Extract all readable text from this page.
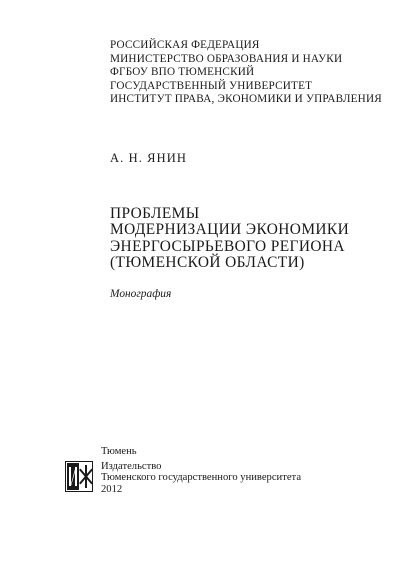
РОССИЙСКАЯ ФЕДЕРАЦИЯ
МИНИСТЕРСТВО ОБРАЗОВАНИЯ И НАУКИ
ФГБОУ ВПО ТЮМЕНСКИЙ
ГОСУДАРСТВЕННЫЙ УНИВЕРСИТЕТ
ИНСТИТУТ ПРАВА, ЭКОНОМИКИ И УПРАВЛЕНИЯ
А. Н. ЯНИН
ПРОБЛЕМЫ
МОДЕРНИЗАЦИИ ЭКОНОМИКИ
ЭНЕРГОСЫРЬЕВОГО РЕГИОНА
(ТЮМЕНСКОЙ ОБЛАСТИ)
Монография
Тюмень
Издательство
Тюменского государственного университета
2012
